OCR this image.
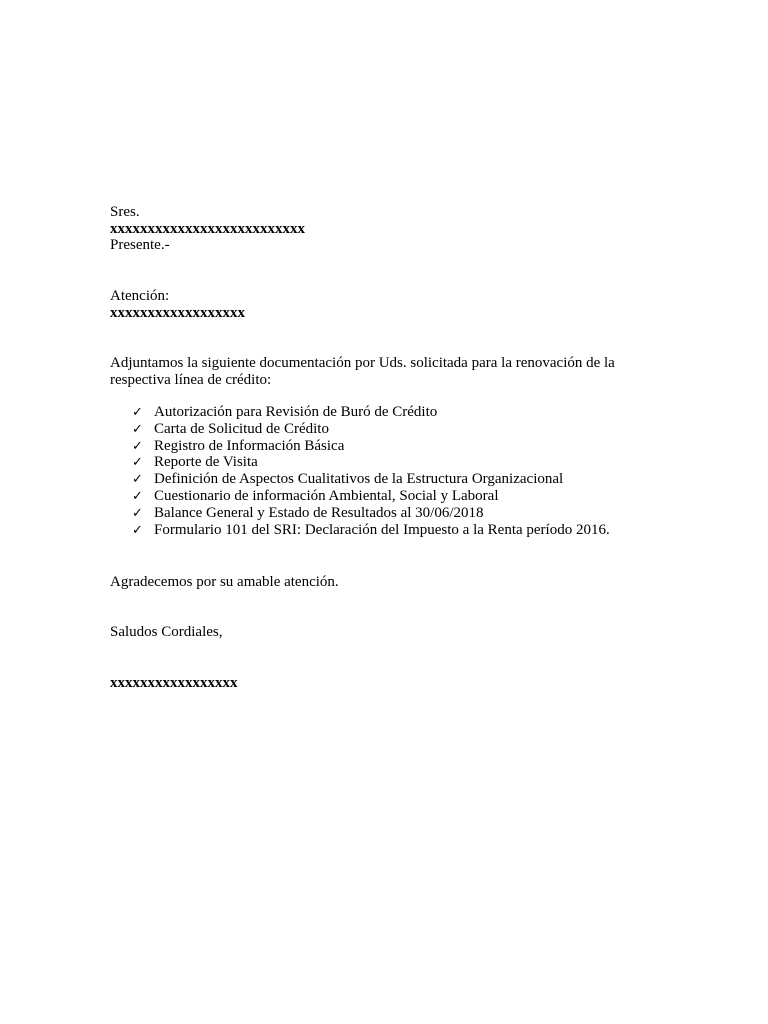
Sres.
xxxxxxxxxxxxxxxxxxxxxxxxxx
Presente.-
Atención:
xxxxxxxxxxxxxxxxxx
Adjuntamos la siguiente documentación por Uds. solicitada para la renovación de la respectiva línea de crédito:
✓ Autorización para Revisión de Buró de Crédito
✓ Carta de Solicitud de Crédito
✓ Registro de Información Básica
✓ Reporte de Visita
✓ Definición de Aspectos Cualitativos de la Estructura Organizacional
✓ Cuestionario de información Ambiental, Social y Laboral
✓ Balance General y Estado de Resultados al 30/06/2018
✓ Formulario 101 del SRI: Declaración del Impuesto a la Renta período 2016.
Agradecemos por su amable atención.
Saludos Cordiales,
xxxxxxxxxxxxxxxxx
